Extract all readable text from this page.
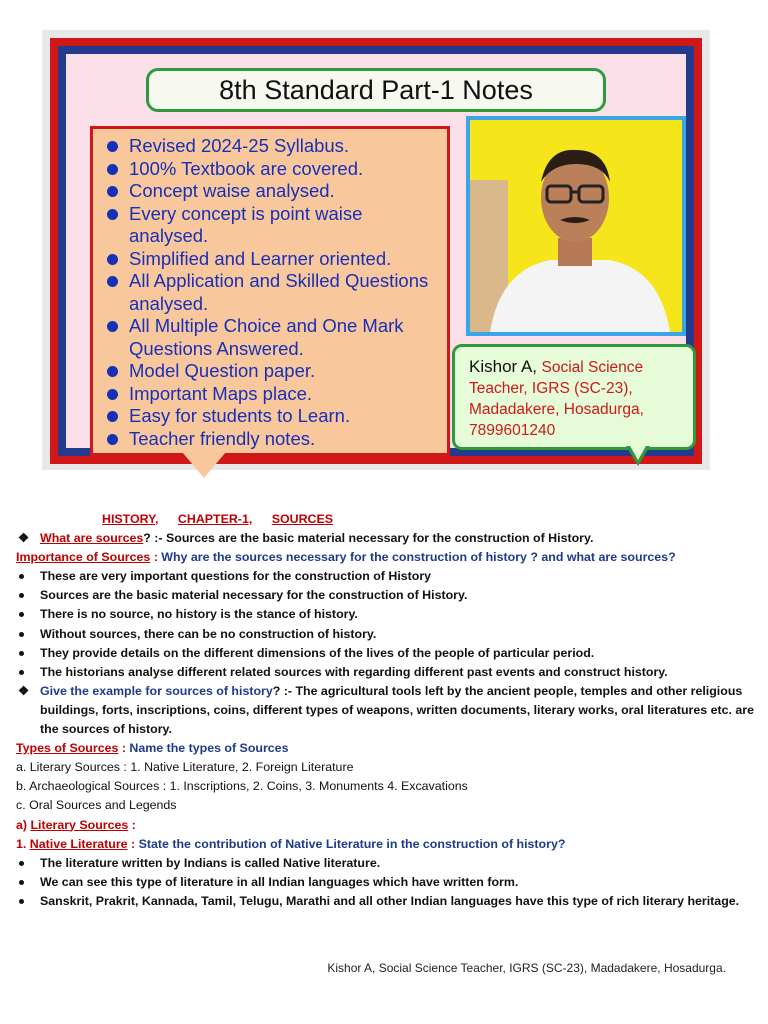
8th Standard Part-1 Notes
Revised 2024-25 Syllabus.
100% Textbook are covered.
Concept waise analysed.
Every concept is point waise analysed.
Simplified and Learner oriented.
All Application and Skilled Questions analysed.
All Multiple Choice and One Mark Questions Answered.
Model Question paper.
Important Maps place.
Easy for students to Learn.
Teacher friendly notes.
Kishor A, Social Science Teacher, IGRS (SC-23), Madadakere, Hosadurga, 7899601240
HISTORY, CHAPTER-1, SOURCES
❖ What are sources? :- Sources are the basic material necessary for the construction of History.
Importance of Sources : Why are the sources necessary for the construction of history ? and what are sources?
These are very important questions for the construction of History
Sources are the basic material necessary for the construction of History.
There is no source, no history is the stance of history.
Without sources, there can be no construction of history.
They provide details on the different dimensions of the lives of the people of particular period.
The historians analyse different related sources with regarding different past events and construct history.
❖ Give the example for sources of history? :- The agricultural tools left by the ancient people, temples and other religious buildings, forts, inscriptions, coins, different types of weapons, written documents, literary works, oral literatures etc. are the sources of history.
Types of Sources : Name the types of Sources
a. Literary Sources : 1. Native Literature, 2. Foreign Literature
b. Archaeological Sources : 1. Inscriptions, 2. Coins, 3. Monuments 4. Excavations
c. Oral Sources and Legends
a) Literary Sources :
1. Native Literature : State the contribution of Native Literature in the construction of history?
The literature written by Indians is called Native literature.
We can see this type of literature in all Indian languages which have written form.
Sanskrit, Prakrit, Kannada, Tamil, Telugu, Marathi and all other Indian languages have this type of rich literary heritage.
Kishor A, Social Science Teacher, IGRS (SC-23), Madadakere, Hosadurga.
